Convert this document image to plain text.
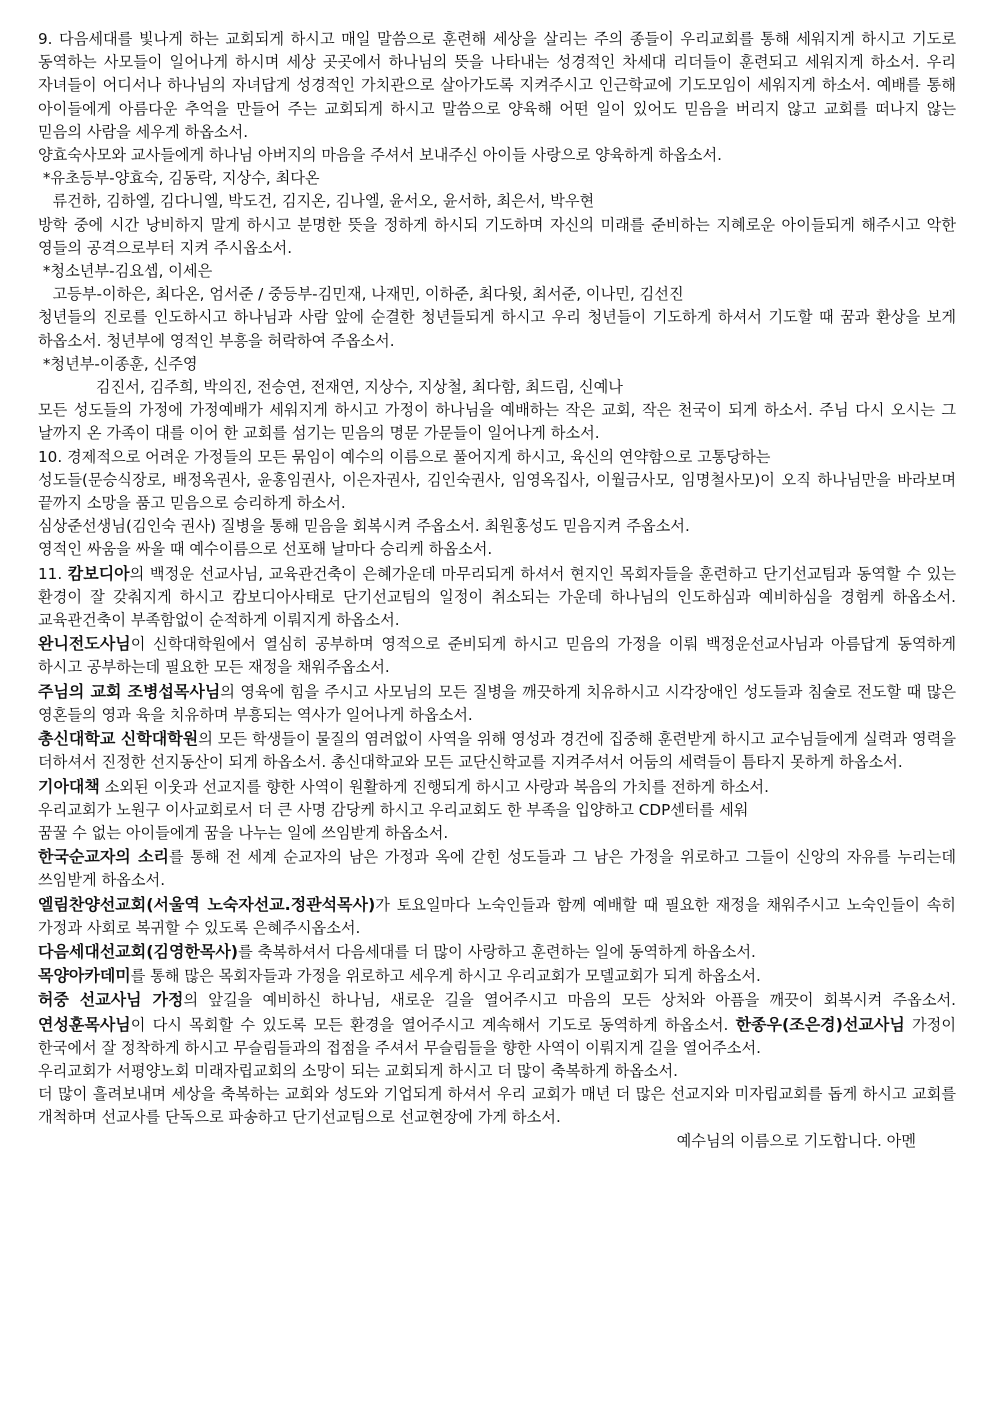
9. 다음세대를 빛나게 하는 교회되게 하시고 매일 말씀으로 훈련해 세상을 살리는 주의 종들이 우리교회를 통해 세워지게 하시고 기도로 동역하는 사모들이 일어나게 하시며 세상 곳곳에서 하나님의 뜻을 나타내는 성경적인 차세대 리더들이 훈련되고 세워지게 하소서. 우리 자녀들이 어디서나 하나님의 자녀답게 성경적인 가치관으로 살아가도록 지켜주시고 인근학교에 기도모임이 세워지게 하소서. 예배를 통해 아이들에게 아름다운 추억을 만들어 주는 교회되게 하시고 말씀으로 양육해 어떤 일이 있어도 믿음을 버리지 않고 교회를 떠나지 않는 믿음의 사람을 세우게 하옵소서.

양효숙사모와 교사들에게 하나님 아버지의 마음을 주셔서 보내주신 아이들 사랑으로 양육하게 하옵소서.

*유초등부-양효숙, 김동락, 지상수, 최다온

류건하, 김하엘, 김다니엘, 박도건, 김지온, 김나엘, 윤서오, 윤서하, 최은서, 박우현

방학 중에 시간 낭비하지 말게 하시고 분명한 뜻을 정하게 하시되 기도하며 자신의 미래를 준비하는 지혜로운 아이들되게 해주시고 악한 영들의 공격으로부터 지켜 주시옵소서.

*청소년부-김요셉, 이세은

고등부-이하은, 최다온, 엄서준 / 중등부-김민재, 나재민, 이하준, 최다윗, 최서준, 이나민, 김선진

청년들의 진로를 인도하시고 하나님과 사람 앞에 순결한 청년들되게 하시고 우리 청년들이 기도하게 하셔서 기도할 때 꿈과 환상을 보게 하옵소서. 청년부에 영적인 부흥을 허락하여 주옵소서.

*청년부-이종훈, 신주영

김진서, 김주희, 박의진, 전승연, 전재연, 지상수, 지상철, 최다함, 최드림, 신예나

모든 성도들의 가정에 가정예배가 세워지게 하시고 가정이 하나님을 예배하는 작은 교회, 작은 천국이 되게 하소서. 주님 다시 오시는 그 날까지 온 가족이 대를 이어 한 교회를 섬기는 믿음의 명문 가문들이 일어나게 하소서.

10. 경제적으로 어려운 가정들의 모든 묶임이 예수의 이름으로 풀어지게 하시고, 육신의 연약함으로 고통당하는

성도들(문승식장로, 배정옥권사, 윤홍임권사, 이은자권사, 김인숙권사, 임영옥집사, 이월금사모, 임명철사모)이 오직 하나님만을 바라보며 끝까지 소망을 품고 믿음으로 승리하게 하소서.

심상준선생님(김인숙 권사) 질병을 통해 믿음을 회복시켜 주옵소서. 최원홍성도 믿음지켜 주옵소서.

영적인 싸움을 싸울 때 예수이름으로 선포해 날마다 승리케 하옵소서.

11. 캄보디아의 백정운 선교사님, 교육관건축이 은혜가운데 마무리되게 하셔서 현지인 목회자들을 훈련하고 단기선교팀과 동역할 수 있는 환경이 잘 갖춰지게 하시고 캄보디아사태로 단기선교팀의 일정이 취소되는 가운데 하나님의 인도하심과 예비하심을 경험케 하옵소서. 교육관건축이 부족함없이 순적하게 이뤄지게 하옵소서.

완니전도사님이 신학대학원에서 열심히 공부하며 영적으로 준비되게 하시고 믿음의 가정을 이뤄 백정운선교사님과 아름답게 동역하게 하시고 공부하는데 필요한 모든 재정을 채워주옵소서.

주님의 교회 조병섭목사님의 영육에 힘을 주시고 사모님의 모든 질병을 깨끗하게 치유하시고 시각장애인 성도들과 침술로 전도할 때 많은 영혼들의 영과 육을 치유하며 부흥되는 역사가 일어나게 하옵소서.

총신대학교 신학대학원의 모든 학생들이 물질의 염려없이 사역을 위해 영성과 경건에 집중해 훈련받게 하시고 교수님들에게 실력과 영력을 더하셔서 진정한 선지동산이 되게 하옵소서. 총신대학교와 모든 교단신학교를 지켜주셔서 어둠의 세력들이 틈타지 못하게 하옵소서.

기아대책 소외된 이웃과 선교지를 향한 사역이 원활하게 진행되게 하시고 사랑과 복음의 가치를 전하게 하소서.

우리교회가 노원구 이사교회로서 더 큰 사명 감당케 하시고 우리교회도 한 부족을 입양하고 CDP센터를 세워

꿈꿀 수 없는 아이들에게 꿈을 나누는 일에 쓰임받게 하옵소서.

한국순교자의 소리를 통해 전 세계 순교자의 남은 가정과 옥에 갇힌 성도들과 그 남은 가정을 위로하고 그들이 신앙의 자유를 누리는데 쓰임받게 하옵소서.

엘림찬양선교회(서울역 노숙자선교.정관석목사)가 토요일마다 노숙인들과 함께 예배할 때 필요한 재정을 채워주시고 노숙인들이 속히 가정과 사회로 복귀할 수 있도록 은혜주시옵소서.

다음세대선교회(김영한목사)를 축복하셔서 다음세대를 더 많이 사랑하고 훈련하는 일에 동역하게 하옵소서.

목양아카데미를 통해 많은 목회자들과 가정을 위로하고 세우게 하시고 우리교회가 모델교회가 되게 하옵소서.

허중 선교사님 가정의 앞길을 예비하신 하나님, 새로운 길을 열어주시고 마음의 모든 상처와 아픔을 깨끗이 회복시켜 주옵소서. 연성훈목사님이 다시 목회할 수 있도록 모든 환경을 열어주시고 계속해서 기도로 동역하게 하옵소서. 한종우(조은경)선교사님 가정이 한국에서 잘 정착하게 하시고 무슬림들과의 접점을 주셔서 무슬림들을 향한 사역이 이뤄지게 길을 열어주소서.

우리교회가 서평양노회 미래자립교회의 소망이 되는 교회되게 하시고 더 많이 축복하게 하옵소서.

더 많이 흘려보내며 세상을 축복하는 교회와 성도와 기업되게 하셔서 우리 교회가 매년 더 많은 선교지와 미자립교회를 돕게 하시고 교회를 개척하며 선교사를 단독으로 파송하고 단기선교팀으로 선교현장에 가게 하소서.

예수님의 이름으로 기도합니다. 아멘
